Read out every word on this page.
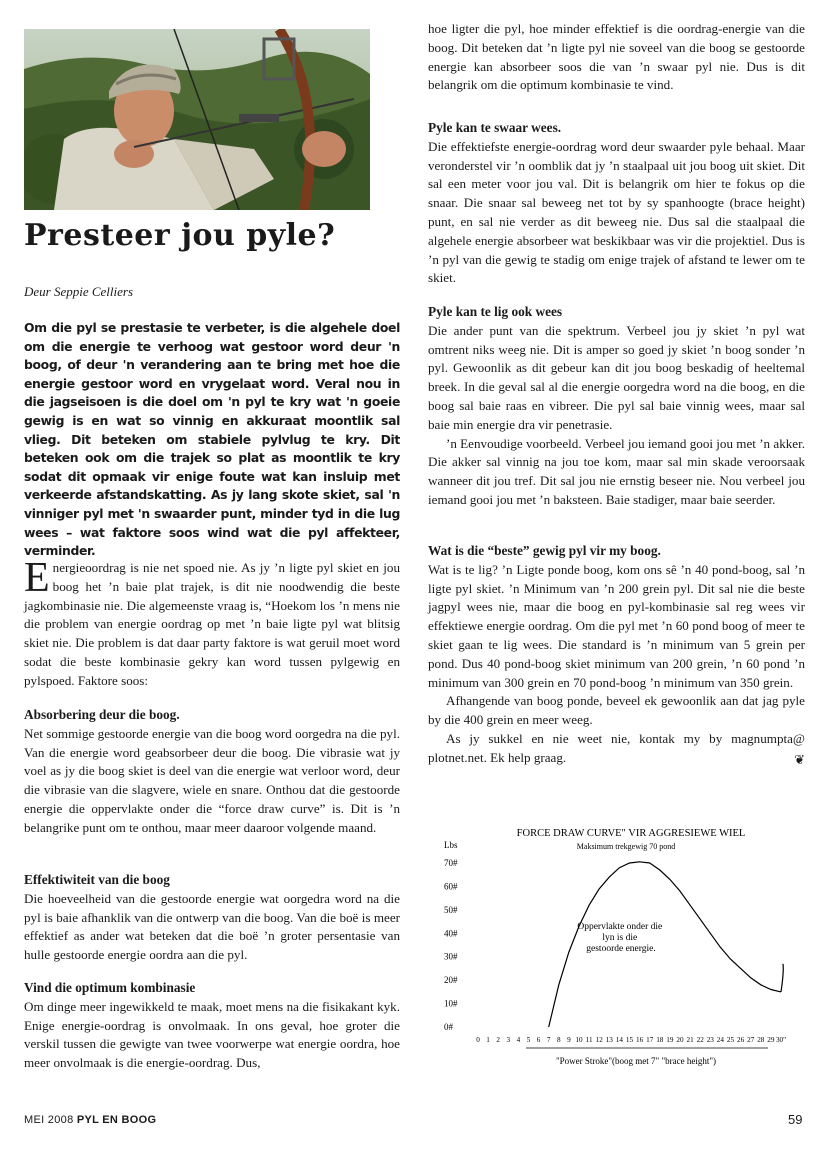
Presteer jou pyle?

Deur Seppie Celliers

Om die pyl se prestasie te verbeter, is die algehele doel om die energie te verhoog wat gestoor word deur 'n boog, of deur 'n verandering aan te bring met hoe die energie gestoor word en vrygelaat word. Veral nou in die jagseisoen is die doel om 'n pyl te kry wat 'n goeie gewig is en wat so vinnig en akkuraat moontlik sal vlieg. Dit beteken om stabiele pylvlug te kry. Dit beteken ook om die trajek so plat as moontlik te kry sodat dit opmaak vir enige foute wat kan insluip met verkeerde afstandskatting. As jy lang skote skiet, sal 'n vinniger pyl met 'n swaarder punt, minder tyd in die lug wees – wat faktore soos wind wat die pyl affekteer, verminder.

Energieoordrag is nie net spoed nie. As jy ’n ligte pyl skiet en jou boog het ’n baie plat trajek, is dit nie noodwendig die beste jagkombinasie nie. Die algemeenste vraag is, “Hoekom los ’n mens nie die problem van energie oordrag op met ’n baie ligte pyl wat blitsig skiet nie. Die problem is dat daar party faktore is wat geruil moet word sodat die beste kombinasie gekry kan word tussen pylgewig en pylspoed. Faktore soos:

Absorbering deur die boog.

Net sommige gestoorde energie van die boog word oorgedra na die pyl. Van die energie word geabsorbeer deur die boog. Die vibrasie wat jy voel as jy die boog skiet is deel van die energie wat verloor word, deur die vibrasie van die slagvere, wiele en snare. Onthou dat die gestoorde energie die oppervlakte onder die “force draw curve” is. Dit is ’n belangrike punt om te onthou, maar meer daaroor volgende maand.

Effektiwiteit van die boog

Die hoeveelheid van die gestoorde energie wat oorgedra word na die pyl is baie afhanklik van die ontwerp van die boog. Van die boë is meer effektief as ander wat beteken dat die boë ’n groter persentasie van hulle gestoorde energie oordra aan die pyl.

Vind die optimum kombinasie

Om dinge meer ingewikkeld te maak, moet mens na die fisikakant kyk. Enige energie-oordrag is onvolmaak. In ons geval, hoe groter die verskil tussen die gewigte van twee voorwerpe wat energie oordra, hoe meer onvolmaak is die energie-oordrag. Dus,

hoe ligter die pyl, hoe minder effektief is die oordrag-energie van die boog. Dit beteken dat ’n ligte pyl nie soveel van die boog se gestoorde energie kan absorbeer soos die van ’n swaar pyl nie. Dus is dit belangrik om die optimum kombinasie te vind.

Pyle kan te swaar wees.

Die effektiefste energie-oordrag word deur swaarder pyle behaal. Maar veronderstel vir ’n oomblik dat jy ’n staalpaal uit jou boog uit skiet. Dit sal een meter voor jou val. Dit is belangrik om hier te fokus op die snaar. Die snaar sal beweeg net tot by sy spanhoogte (brace height) punt, en sal nie verder as dit beweeg nie. Dus sal die staalpaal die algehele energie absorbeer wat beskikbaar was vir die projektiel. Dus is ’n pyl van die gewig te stadig om enige trajek of afstand te lewer om te skiet.

Pyle kan te lig ook wees

Die ander punt van die spektrum. Verbeel jou jy skiet ’n pyl wat omtrent niks weeg nie. Dit is amper so goed jy skiet ’n boog sonder ’n pyl. Gewoonlik as dit gebeur kan dit jou boog beskadig of heeltemal breek. In die geval sal al die energie oorgedra word na die boog, en die boog sal baie raas en vibreer. Die pyl sal baie vinnig wees, maar sal baie min energie dra vir penetrasie.

’n Eenvoudige voorbeeld. Verbeel jou iemand gooi jou met ’n akker. Die akker sal vinnig na jou toe kom, maar sal min skade veroorsaak wanneer dit jou tref. Dit sal jou nie ernstig beseer nie. Nou verbeel jou iemand gooi jou met ’n baksteen. Baie stadiger, maar baie seerder.

Wat is die “beste” gewig pyl vir my boog.

Wat is te lig? ’n Ligte ponde boog, kom ons sê ’n 40 pond-boog, sal ’n ligte pyl skiet. ’n Minimum van ’n 200 grein pyl. Dit sal nie die beste jagpyl wees nie, maar die boog en pyl-kombinasie sal reg wees vir effektiewe energie oordrag. Om die pyl met ’n 60 pond boog of meer te skiet gaan te lig wees. Die standard is ’n minimum van 5 grein per pond. Dus 40 pond-boog skiet minimum van 200 grein, ’n 60 pond ’n minimum van 300 grein en 70 pond-boog ’n minimum van 350 grein.

Afhangende van boog ponde, beveel ek gewoonlik aan dat jag pyle by die 400 grein en meer weeg.

As jy sukkel en nie weet nie, kontak my by magnumpta@ plotnet.net. Ek help graag.	❦

FORCE DRAW CURVE" VIR AGGRESIEWE WIEL
Maksimum trekgewig 70 pond
Lbs
"Power Stroke"(boog met 7" "brace height")
Oppervlakte onder die lyn is die gestoorde energie.
0#
10#
20#
30#
40#
50#
60#
70#
0 1 2 3 4 5 6 7 8 9 10 11 12 13 14 15 16 17 18 19 20 21 22 23 24 25 26 27 28 29 30"
MEI 2008 PYL EN BOOG	59
